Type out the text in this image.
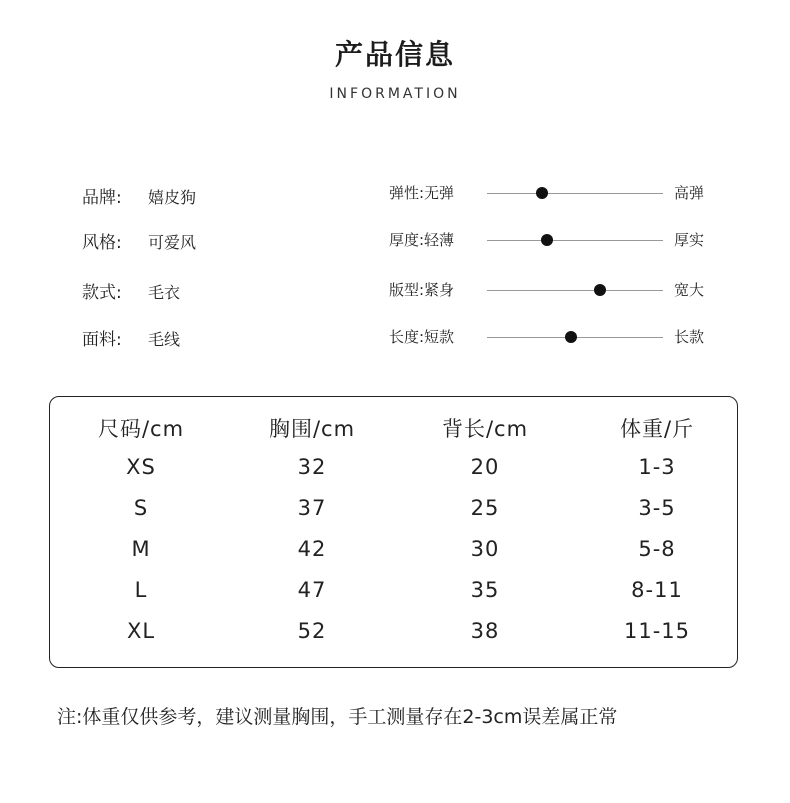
产品信息
INFORMATION
品牌: 嬉皮狗
风格: 可爱风
款式: 毛衣
面料: 毛线
弹性:无弹	高弹
厚度:轻薄	厚实
版型:紧身	宽大
长度:短款	长款
尺码/cm	胸围/cm	背长/cm	体重/斤
XS	32	20	1-3
S	37	25	3-5
M	42	30	5-8
L	47	35	8-11
XL	52	38	11-15
注:体重仅供参考，建议测量胸围，手工测量存在2-3cm误差属正常
